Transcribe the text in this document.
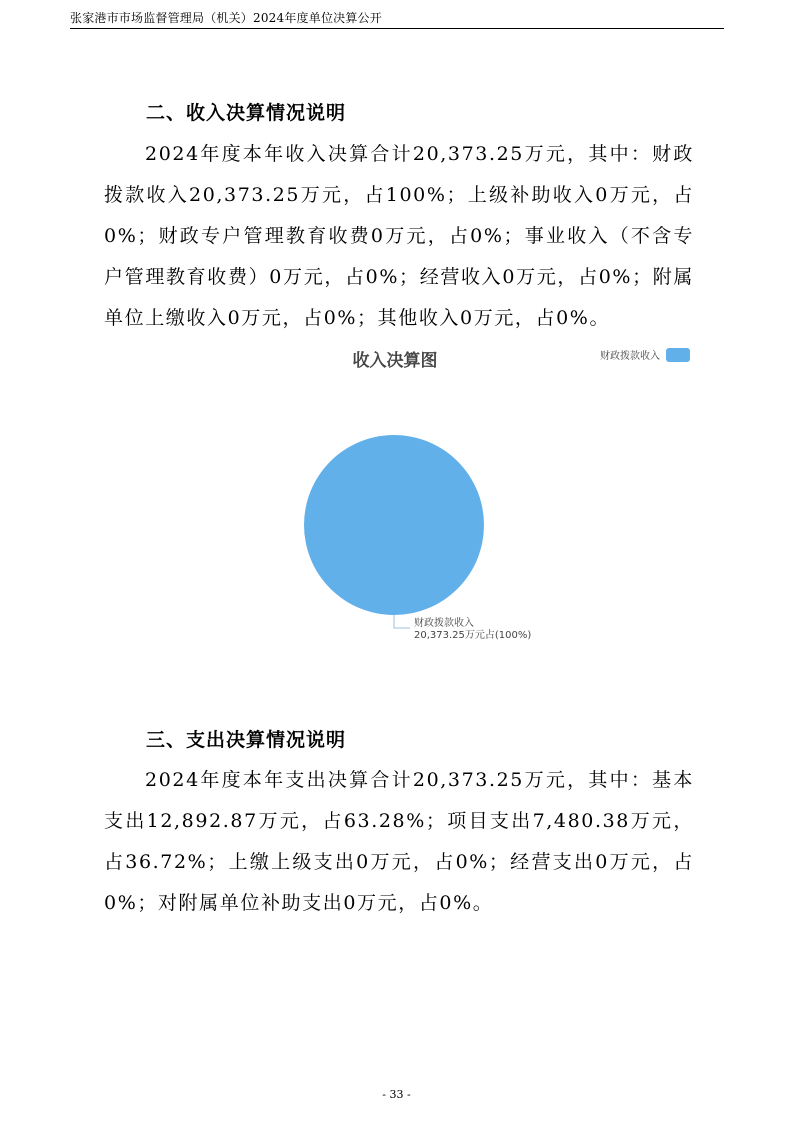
张家港市市场监督管理局（机关）2024年度单位决算公开
二、收入决算情况说明

2024年度本年收入决算合计20,373.25万元，其中：财政拨款收入20,373.25万元，占100%；上级补助收入0万元，占0%；财政专户管理教育收费0万元，占0%；事业收入（不含专户管理教育收费）0万元，占0%；经营收入0万元，占0%；附属单位上缴收入0万元，占0%；其他收入0万元，占0%。

收入决算图	财政拨款收入
财政拨款收入
20,373.25万元占(100%)
三、支出决算情况说明

2024年度本年支出决算合计20,373.25万元，其中：基本支出12,892.87万元，占63.28%；项目支出7,480.38万元，占36.72%；上缴上级支出0万元，占0%；经营支出0万元，占0%；对附属单位补助支出0万元，占0%。

- 33 -
